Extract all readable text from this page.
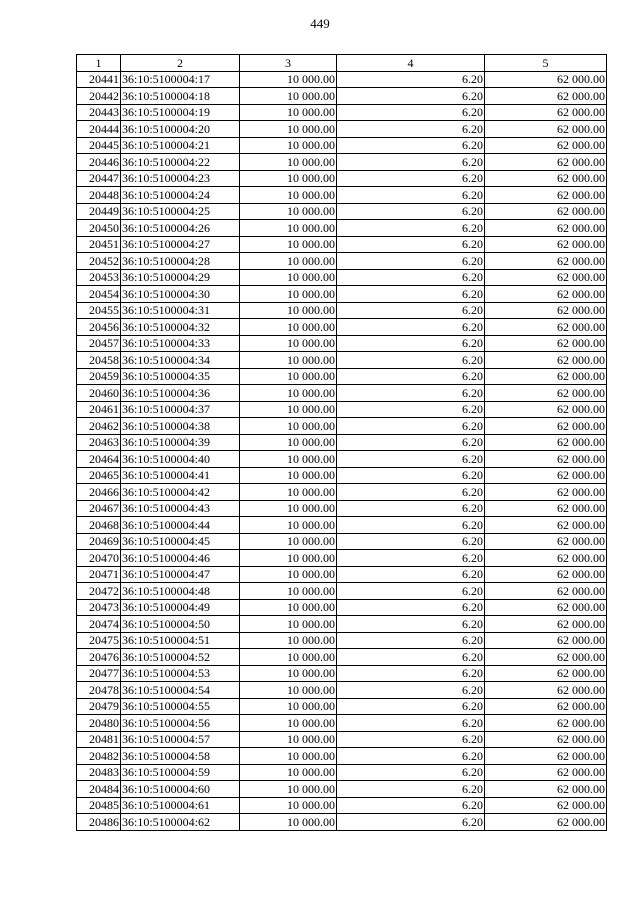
449
1	2	3	4	5
20441	36:10:5100004:17	10 000.00	6.20	62 000.00
20442	36:10:5100004:18	10 000.00	6.20	62 000.00
20443	36:10:5100004:19	10 000.00	6.20	62 000.00
20444	36:10:5100004:20	10 000.00	6.20	62 000.00
20445	36:10:5100004:21	10 000.00	6.20	62 000.00
20446	36:10:5100004:22	10 000.00	6.20	62 000.00
20447	36:10:5100004:23	10 000.00	6.20	62 000.00
20448	36:10:5100004:24	10 000.00	6.20	62 000.00
20449	36:10:5100004:25	10 000.00	6.20	62 000.00
20450	36:10:5100004:26	10 000.00	6.20	62 000.00
20451	36:10:5100004:27	10 000.00	6.20	62 000.00
20452	36:10:5100004:28	10 000.00	6.20	62 000.00
20453	36:10:5100004:29	10 000.00	6.20	62 000.00
20454	36:10:5100004:30	10 000.00	6.20	62 000.00
20455	36:10:5100004:31	10 000.00	6.20	62 000.00
20456	36:10:5100004:32	10 000.00	6.20	62 000.00
20457	36:10:5100004:33	10 000.00	6.20	62 000.00
20458	36:10:5100004:34	10 000.00	6.20	62 000.00
20459	36:10:5100004:35	10 000.00	6.20	62 000.00
20460	36:10:5100004:36	10 000.00	6.20	62 000.00
20461	36:10:5100004:37	10 000.00	6.20	62 000.00
20462	36:10:5100004:38	10 000.00	6.20	62 000.00
20463	36:10:5100004:39	10 000.00	6.20	62 000.00
20464	36:10:5100004:40	10 000.00	6.20	62 000.00
20465	36:10:5100004:41	10 000.00	6.20	62 000.00
20466	36:10:5100004:42	10 000.00	6.20	62 000.00
20467	36:10:5100004:43	10 000.00	6.20	62 000.00
20468	36:10:5100004:44	10 000.00	6.20	62 000.00
20469	36:10:5100004:45	10 000.00	6.20	62 000.00
20470	36:10:5100004:46	10 000.00	6.20	62 000.00
20471	36:10:5100004:47	10 000.00	6.20	62 000.00
20472	36:10:5100004:48	10 000.00	6.20	62 000.00
20473	36:10:5100004:49	10 000.00	6.20	62 000.00
20474	36:10:5100004:50	10 000.00	6.20	62 000.00
20475	36:10:5100004:51	10 000.00	6.20	62 000.00
20476	36:10:5100004:52	10 000.00	6.20	62 000.00
20477	36:10:5100004:53	10 000.00	6.20	62 000.00
20478	36:10:5100004:54	10 000.00	6.20	62 000.00
20479	36:10:5100004:55	10 000.00	6.20	62 000.00
20480	36:10:5100004:56	10 000.00	6.20	62 000.00
20481	36:10:5100004:57	10 000.00	6.20	62 000.00
20482	36:10:5100004:58	10 000.00	6.20	62 000.00
20483	36:10:5100004:59	10 000.00	6.20	62 000.00
20484	36:10:5100004:60	10 000.00	6.20	62 000.00
20485	36:10:5100004:61	10 000.00	6.20	62 000.00
20486	36:10:5100004:62	10 000.00	6.20	62 000.00
